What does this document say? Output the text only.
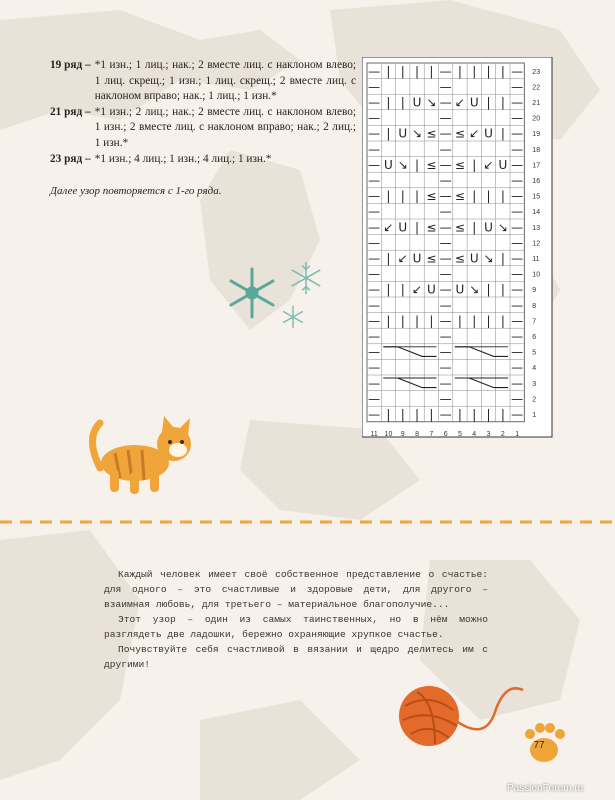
19 ряд – *1 изн.; 1 лиц.; нак.; 2 вместе лиц. с наклоном влево; 1 лиц. скрещ.; 1 изн.; 1 лиц. скрещ.; 2 вместе лиц. с наклоном вправо; нак.; 1 лиц.; 1 изн.*
21 ряд – *1 изн.; 2 лиц.; нак.; 2 вместе лиц. с наклоном влево; 1 изн.; 2 вместе лиц. с наклоном вправо; нак.; 2 лиц.; 1 изн.*
23 ряд – *1 изн.; 4 лиц.; 1 изн.; 4 лиц.; 1 изн.*
Далее узор повторяется с 1-го ряда.
— | | | | — | | | | — 23
—	—	— 22
— | | U ↘ — ↙ U | | — 21
—	—	— 20
— | U ↘ ≤ — ≤ ↙ U | — 19
—	—	— 18
— U ↘ | ≤ — ≤ | ↙ U — 17
—	—	— 16
— | | | ≤ — ≤ | | | — 15
—	—	— 14
— ↙ U | ≤ — ≤ | U ↘ — 13
—	—	— 12
— | ↙ U ≤ — ≤ U ↘ | — 11
—	—	— 10
— | | ↙ U — U ↘ | | — 9
—	—	— 8
— | | | | — | | | | — 7
—	—	— 6
—	—	— 5
—	—	— 4
—	—	— 3
—	—	— 2
— | | | | — | | | | — 1
11 10 9 8 7 6 5 4 3 2 1

Каждый человек имеет своё собственное представление о счастье: для одного – это счастливые и здоровые дети, для другого – взаимная любовь, для третьего – материальное благополучие...

Этот узор – один из самых таинственных, но в нём можно разглядеть две ладошки, бережно охраняющие хрупкое счастье.

Почувствуйте себя счастливой в вязании и щедро делитесь им с другими!

77
PassionForum.ru
